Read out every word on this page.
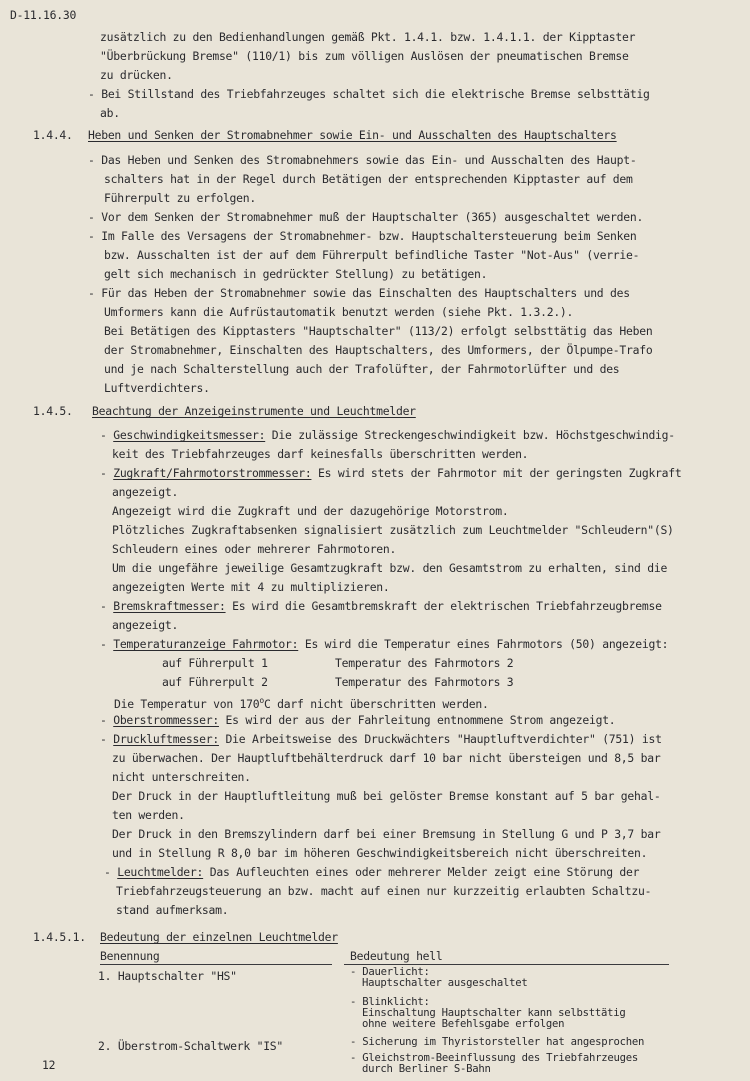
D-11.16.30
zusätzlich zu den Bedienhandlungen gemäß Pkt. 1.4.1. bzw. 1.4.1.1. der Kipptaster
"Überbrückung Bremse" (110/1) bis zum völligen Auslösen der pneumatischen Bremse
zu drücken.
- Bei Stillstand des Triebfahrzeuges schaltet sich die elektrische Bremse selbsttätig
ab.
1.4.4. Heben und Senken der Stromabnehmer sowie Ein- und Ausschalten des Hauptschalters
- Das Heben und Senken des Stromabnehmers sowie das Ein- und Ausschalten des Haupt-
schalters hat in der Regel durch Betätigen der entsprechenden Kipptaster auf dem
Führerpult zu erfolgen.
- Vor dem Senken der Stromabnehmer muß der Hauptschalter (365) ausgeschaltet werden.
- Im Falle des Versagens der Stromabnehmer- bzw. Hauptschaltersteuerung beim Senken
bzw. Ausschalten ist der auf dem Führerpult befindliche Taster "Not-Aus" (verrie-
gelt sich mechanisch in gedrückter Stellung) zu betätigen.
- Für das Heben der Stromabnehmer sowie das Einschalten des Hauptschalters und des
Umformers kann die Aufrüstautomatik benutzt werden (siehe Pkt. 1.3.2.).
Bei Betätigen des Kipptasters "Hauptschalter" (113/2) erfolgt selbsttätig das Heben
der Stromabnehmer, Einschalten des Hauptschalters, des Umformers, der Ölpumpe-Trafo
und je nach Schalterstellung auch der Trafolüfter, der Fahrmotorlüfter und des
Luftverdichters.
1.4.5. Beachtung der Anzeigeinstrumente und Leuchtmelder
- Geschwindigkeitsmesser: Die zulässige Streckengeschwindigkeit bzw. Höchstgeschwindig-
keit des Triebfahrzeuges darf keinesfalls überschritten werden.
- Zugkraft/Fahrmotorstrommesser: Es wird stets der Fahrmotor mit der geringsten Zugkraft
angezeigt.
Angezeigt wird die Zugkraft und der dazugehörige Motorstrom.
Plötzliches Zugkraftabsenken signalisiert zusätzlich zum Leuchtmelder "Schleudern"(S)
Schleudern eines oder mehrerer Fahrmotoren.
Um die ungefähre jeweilige Gesamtzugkraft bzw. den Gesamtstrom zu erhalten, sind die
angezeigten Werte mit 4 zu multiplizieren.
- Bremskraftmesser: Es wird die Gesamtbremskraft der elektrischen Triebfahrzeugbremse
angezeigt.
- Temperaturanzeige Fahrmotor: Es wird die Temperatur eines Fahrmotors (50) angezeigt:
auf Führerpult 1	Temperatur des Fahrmotors 2
auf Führerpult 2	Temperatur des Fahrmotors 3
Die Temperatur von 170$^o$C darf nicht überschritten werden.
- Oberstrommesser: Es wird der aus der Fahrleitung entnommene Strom angezeigt.
- Druckluftmesser: Die Arbeitsweise des Druckwächters "Hauptluftverdichter" (751) ist
zu überwachen. Der Hauptluftbehälterdruck darf 10 bar nicht übersteigen und 8,5 bar
nicht unterschreiten.
Der Druck in der Hauptluftleitung muß bei gelöster Bremse konstant auf 5 bar gehal-
ten werden.
Der Druck in den Bremszylindern darf bei einer Bremsung in Stellung G und P 3,7 bar
und in Stellung R 8,0 bar im höheren Geschwindigkeitsbereich nicht überschreiten.
- Leuchtmelder: Das Aufleuchten eines oder mehrerer Melder zeigt eine Störung der
Triebfahrzeugsteuerung an bzw. macht auf einen nur kurzzeitig erlaubten Schaltzu-
stand aufmerksam.
1.4.5.1. Bedeutung der einzelnen Leuchtmelder
Benennung	Bedeutung hell
1. Hauptschalter "HS"	- Dauerlicht:
Hauptschalter ausgeschaltet
- Blinklicht:
Einschaltung Hauptschalter kann selbsttätig
ohne weitere Befehlsgabe erfolgen
2. Überstrom-Schaltwerk "IS"	- Sicherung im Thyristorsteller hat angesprochen
- Gleichstrom-Beeinflussung des Triebfahrzeuges
durch Berliner S-Bahn
12
